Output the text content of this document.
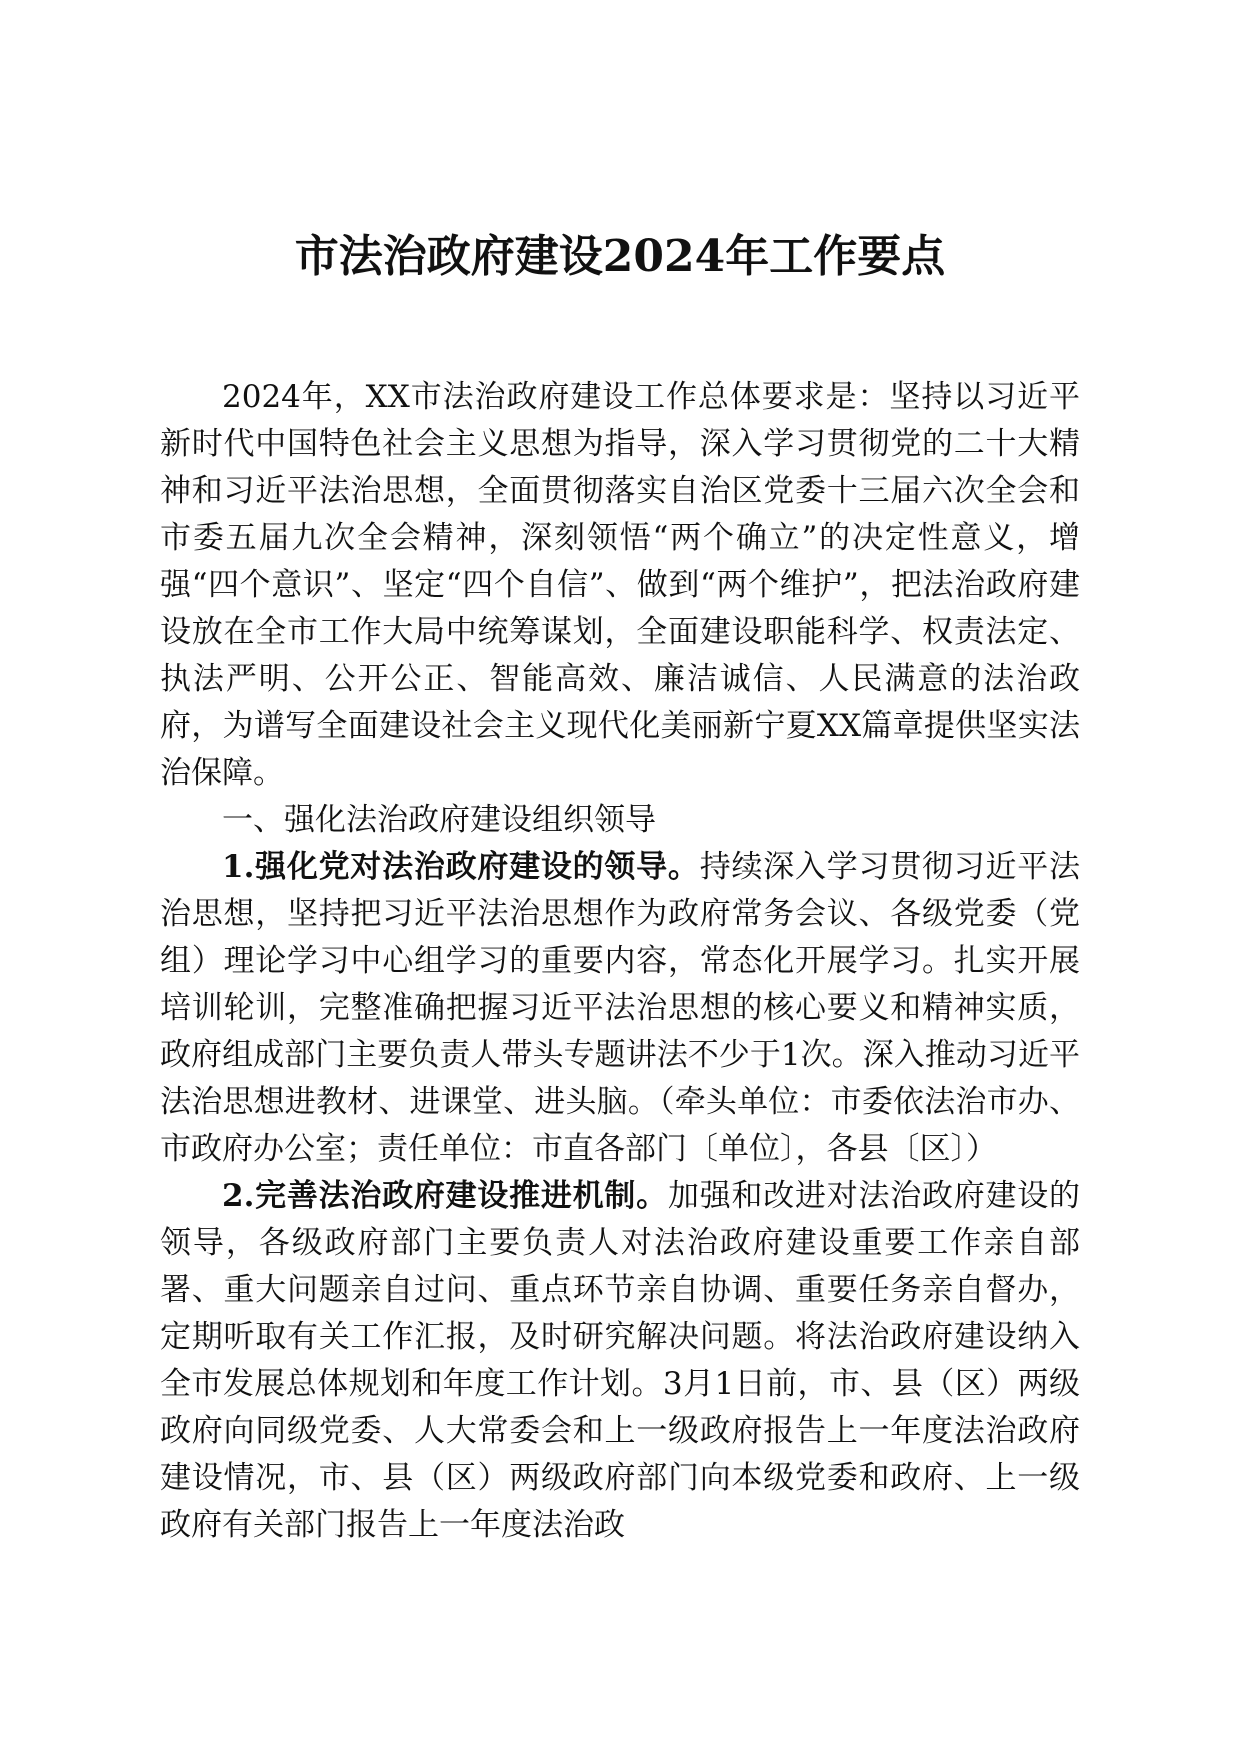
市法治政府建设2024年工作要点

2024年，XX市法治政府建设工作总体要求是：坚持以习近平新时代中国特色社会主义思想为指导，深入学习贯彻党的二十大精神和习近平法治思想，全面贯彻落实自治区党委十三届六次全会和市委五届九次全会精神，深刻领悟“两个确立”的决定性意义，增强“四个意识”、坚定“四个自信”、做到“两个维护”，把法治政府建设放在全市工作大局中统筹谋划，全面建设职能科学、权责法定、执法严明、公开公正、智能高效、廉洁诚信、人民满意的法治政府，为谱写全面建设社会主义现代化美丽新宁夏XX篇章提供坚实法治保障。

一、强化法治政府建设组织领导

1.强化党对法治政府建设的领导。持续深入学习贯彻习近平法治思想，坚持把习近平法治思想作为政府常务会议、各级党委（党组）理论学习中心组学习的重要内容，常态化开展学习。扎实开展培训轮训，完整准确把握习近平法治思想的核心要义和精神实质，政府组成部门主要负责人带头专题讲法不少于1次。深入推动习近平法治思想进教材、进课堂、进头脑。（牵头单位：市委依法治市办、市政府办公室；责任单位：市直各部门〔单位〕，各县〔区〕）

2.完善法治政府建设推进机制。加强和改进对法治政府建设的领导，各级政府部门主要负责人对法治政府建设重要工作亲自部署、重大问题亲自过问、重点环节亲自协调、重要任务亲自督办，定期听取有关工作汇报，及时研究解决问题。将法治政府建设纳入全市发展总体规划和年度工作计划。3月1日前，市、县（区）两级政府向同级党委、人大常委会和上一级政府报告上一年度法治政府建设情况，市、县（区）两级政府部门向本级党委和政府、上一级政府有关部门报告上一年度法治政
